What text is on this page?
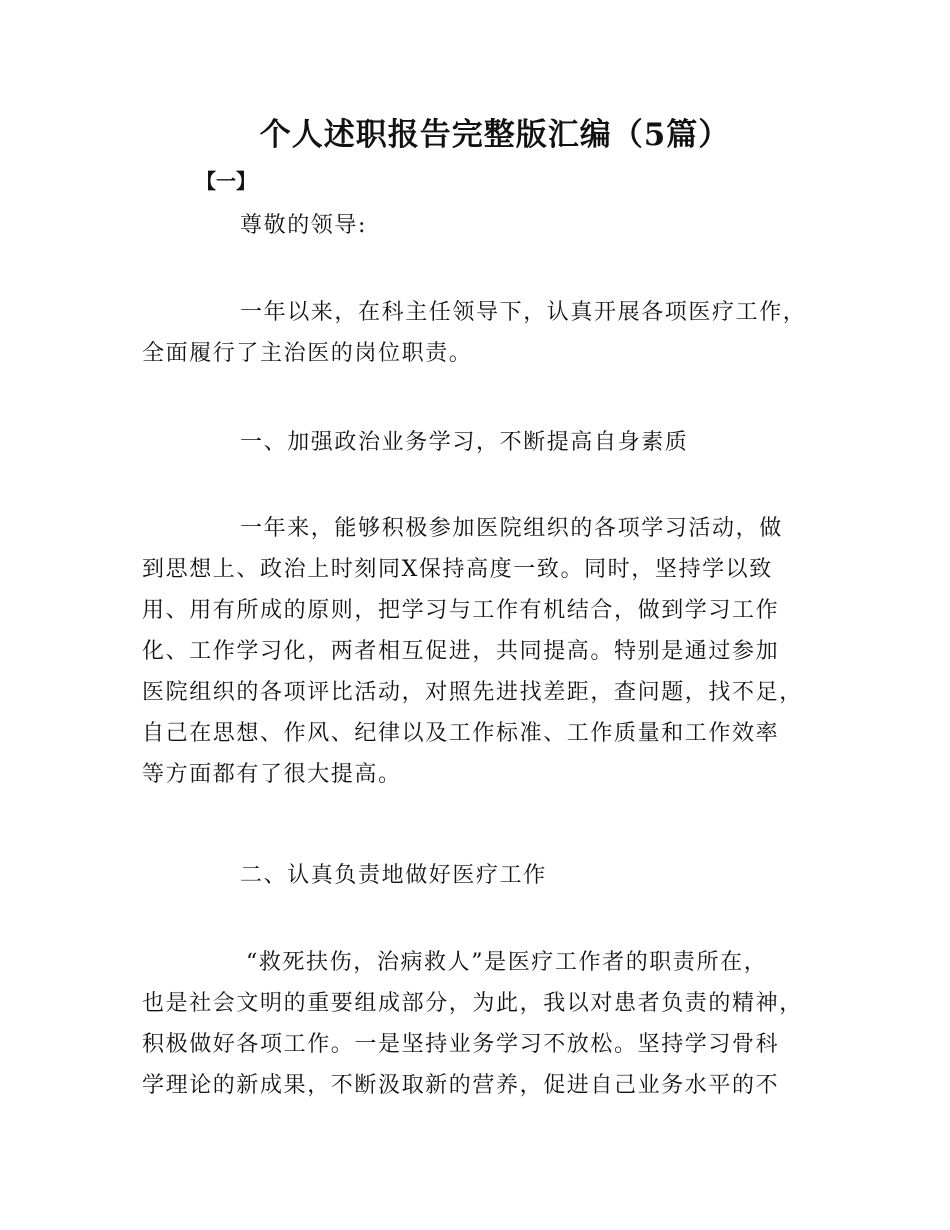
个人述职报告完整版汇编（5篇）
【一】

尊敬的领导:

一年以来，在科主任领导下，认真开展各项医疗工作，
全面履行了主治医的岗位职责。

一、加强政治业务学习，不断提高自身素质

一年来，能够积极参加医院组织的各项学习活动，做
到思想上、政治上时刻同X保持高度一致。同时，坚持学以致
用、用有所成的原则，把学习与工作有机结合，做到学习工作
化、工作学习化，两者相互促进，共同提高。特别是通过参加
医院组织的各项评比活动，对照先进找差距，查问题，找不足，
自己在思想、作风、纪律以及工作标准、工作质量和工作效率
等方面都有了很大提高。

二、认真负责地做好医疗工作

“救死扶伤，治病救人”是医疗工作者的职责所在，
也是社会文明的重要组成部分，为此，我以对患者负责的精神，
积极做好各项工作。一是坚持业务学习不放松。坚持学习骨科
学理论的新成果，不断汲取新的营养，促进自己业务水平的不
